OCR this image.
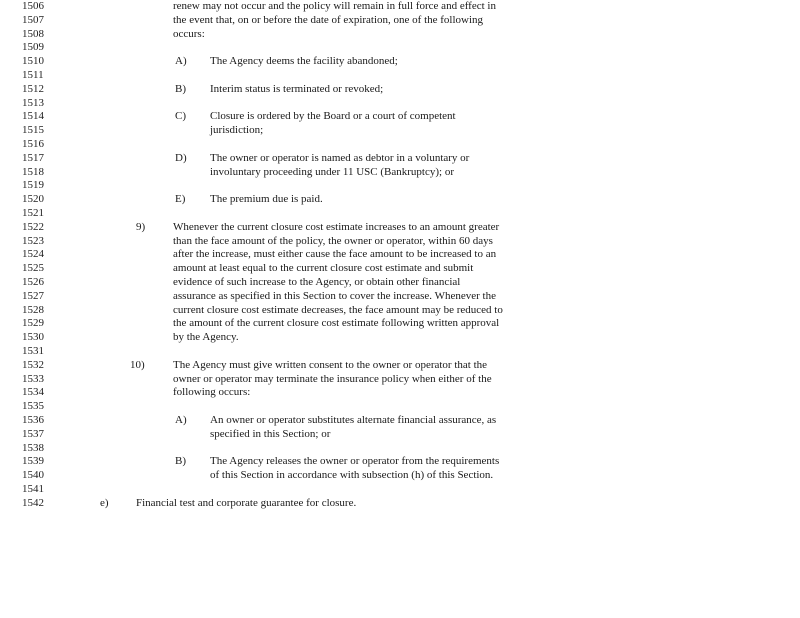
1506
1507
1508
1509
1510
1511
1512
1513
1514
1515
1516
1517
1518
1519
1520
1521
1522
1523
1524
1525
1526
1527
1528
1529
1530
1531
1532
1533
1534
1535
1536
1537
1538
1539
1540
1541
1542
renew may not occur and the policy will remain in full force and effect in
the event that, on or before the date of expiration, one of the following
occurs:
A) The Agency deems the facility abandoned;
B) Interim status is terminated or revoked;
C) Closure is ordered by the Board or a court of competent
jurisdiction;
D) The owner or operator is named as debtor in a voluntary or
involuntary proceeding under 11 USC (Bankruptcy); or
E) The premium due is paid.
9)	Whenever the current closure cost estimate increases to an amount greater
than the face amount of the policy, the owner or operator, within 60 days
after the increase, must either cause the face amount to be increased to an
amount at least equal to the current closure cost estimate and submit
evidence of such increase to the Agency, or obtain other financial
assurance as specified in this Section to cover the increase. Whenever the
current closure cost estimate decreases, the face amount may be reduced to
the amount of the current closure cost estimate following written approval
by the Agency.
10)	The Agency must give written consent to the owner or operator that the
owner or operator may terminate the insurance policy when either of the
following occurs:
A) An owner or operator substitutes alternate financial assurance, as
specified in this Section; or
B) The Agency releases the owner or operator from the requirements
of this Section in accordance with subsection (h) of this Section.
e) Financial test and corporate guarantee for closure.
